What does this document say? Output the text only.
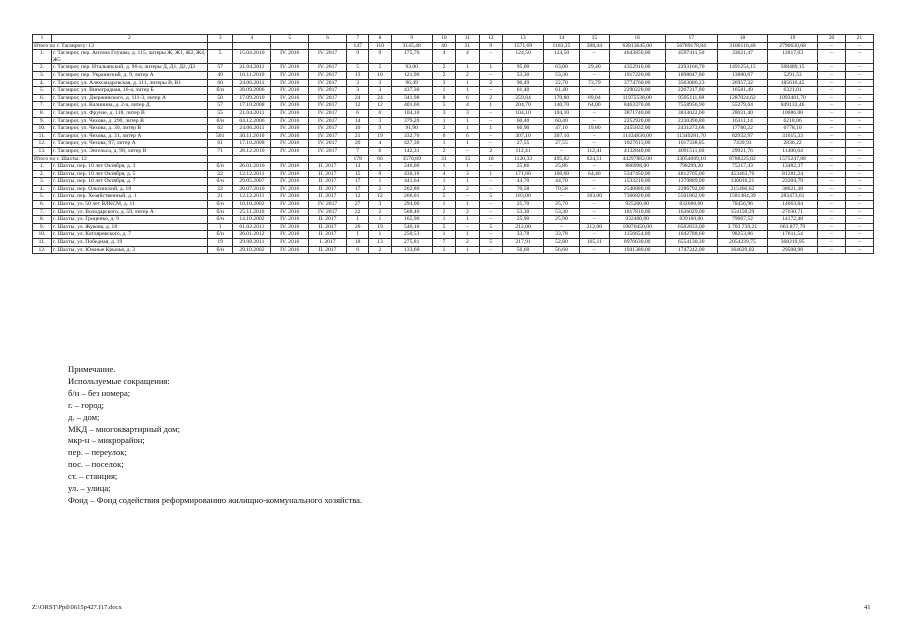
1	2	3	4	5	6	7	8	9	10	11	12	13	14	15	16	17	18	19	20	21
Итого по г. Таганрогу: 13						147	110	3145,48	40	31	9	1571,69	1183,25	388,44	62813645,00	56789178,84	3106116,48	2790630,68	–	–
1.	г. Таганрог, пер. Антона Глушко, д. 115, литеры Ж, Ж1, Ж2, Ж4, Ж5	5	15.04.2010	IV. 2016	IV. 2017	9	9	175,70	4	4	–	124,50	124,50	–	4643850,00	4597411,50	33621,47	12817,03	–	–
2.	г. Таганрог, пер. Итальянский, д. 96-а, литеры Д, Д1, Д2, Д3	57	21.04.2011	IV. 2016	IV. 2017	5	5	93,00	2	1	1	95,00	63,00	29,40	4352910,00	2293166,70	1491254,15	568489,15	–	–
3.	г. Таганрог, пер. Украинский, д. 9, литер А	49	16.11.2010	IV. 2016	IV. 2017	13	10	121,90	2	2	–	53,30	53,30	–	1917220,00	1898047,80	13880,67	5291,53	–	–
4.	г. Таганрог, ул. Александровская, д. 111, литеры В, В1	60	24.06.2011	IV. 2016	IV. 2017	3	3	96,49	3	1	2	96,49	22,70	73,79	3774760,00	3563086,23	26957,32	185616,45	–	–
5.	г. Таганрог, ул. Виноградная, 16-а, литер Б	б/н	28.09.2006	IV. 2016	IV. 2017	3	3	437,30	1	1	–	61,40	61,40	–	2290220,00	2267317,80	16581,49	6321,01	–	–
6.	г. Таганрог, ул. Дзержинского, д. 111-3, литер А	50	17.09.2010	IV. 2016	IV. 2017	24	24	341,98	8	6	2	259,84	170,80	89,04	11975538,00	9595111,68	1287024,62	1093401,70	–	–
7.	г. Таганрог, ул. Калинина, д. 2-а, литер Д	57	17.10.2008	IV. 2016	IV. 2017	12	12	401,60	5	4	1	204,70	140,70	64,00	8463370,00	7558956,90	55279,64	849133,46	–	–
8.	г. Таганрог, ул. Фрунзе, д. 118, литер В	55	21.04.2011	IV. 2016	IV. 2017	6	6	104,10	3	3	–	104,10	104,10	–	3871740,00	3833022,60	28031,40	10686,00	–	–
9.	г. Таганрог, ул. Чехова, д. 290, литер В	б/н	04.12.2006	IV. 2016	IV. 2017	14	3	379,20	1	1	–	60,40	60,40	–	2252920,00	2230390,80	16311,14	6218,06	–	–
10.	г. Таганрог, ул. Чехова, д. 30, литер В	62	24.06.2011	IV. 2016	IV. 2017	10	9	91,90	2	1	1	66,90	47,10	19,80	2455832,00	2431273,68	17780,22	6778,10	–	–
11.	г. Таганрог, ул. Чехова, д. 31, литер А	501	30.11.2010	IV. 2016	IV. 2017	21	19	332,70	6	6	–	307,10	307,10	–	11434830,00	11340281,70	82932,97	31615,33	–	–
12.	г. Таганрог, ул. Чехова, 97, литер А	61	17.10.2008	IV. 2016	IV. 2017	20	4	427,30	1	1	–	27,55	27,55	–	1027615,00	1017338,85	7439,93	2836,22	–	–
13.	г. Таганрог, ул. Энгельса, д. 98, литер В	71	28.12.2010	IV. 2016	IV. 2017	7	6	142,31	2	–	2	112,41	–	112,41	4132840,00	4091511,60	29921,76	11406,64	–	–
Итого по г. Шахты: 12						178	66	3570,89	31	15	16	1120,33	495,82	624,51	44297882,00	33054009,10	8788225,02	1575247,88	–	–
1.	г. Шахты, пер. 10 лет Октября, д. 3	б/н	26.01.2010	IV. 2016	II. 2017	14	1	246,00	1	1	–	25,86	25,86	–	886998,00	798299,20	75217,43	13482,37	–	–
2.	г. Шахты, пер. 10 лет Октября, д. 5	22	12.12.2011	IV. 2016	II. 2017	15	9	430,10	4	3	1	171,00	106,60	64,40	5347450,00	4812705,00	453463,76	81281,24	–	–
3.	г. Шахты, пер. 10 лет Октября, д. 7	б/н	29.05.2007	IV. 2016	II. 2017	17	1	441,64	1	1	–	44,70	44,70	–	1533210,00	1379889,00	130016,21	23304,79	–	–
4.	г. Шахты, пер. Ольгинский, д. 18	22	20.07.2010	IV. 2016	II. 2017	17	2	262,80	2	2	–	70,58	70,58	–	2540880,00	2286792,00	215466,62	38621,38	–	–
5.	г. Шахты, пер. Хозяйственный, д. 1	21	12.12.2011	IV. 2016	II. 2017	12	12	266,01	5	–	5	183,00	–	183,00	7366820,00	5501862,00	1581484,39	283473,61	–	–
6.	г. Шахты, ул. 50 лет ВЛКСМ, д. 11	б/н	10.10.2002	IV. 2016	IV. 2017	27	3	294,00	1	1	–	25,70	25,70	–	925200,00	832680,00	78456,96	14063,04	–	–
7.	г. Шахты, ул. Володарского, д. 59, литер А	б/н	25.11.2010	IV. 2016	IV. 2017	22	2	568,40	2	2	–	53,30	53,30	–	1817810,00	1636029,00	154150,29	27630,71	–	–
8.	г. Шахты, ул. Гриценко, д. 9	б/н	14.10.2002	IV. 2016	II. 2017	1	1	165,90	1	1	–	25,90	25,90	–	932400,00	839160,00	79067,52	14172,48	–	–
9.	г. Шахты, ул. Жукова, д. 18	1	01.02.2011	IV. 2016	II. 2017	26	19	546,10	5	–	5	212,00	–	212,00	10870450,00	6502833,00	3 703 739,21	663 877,79	–	–
10.	г. Шахты, ул. Котляревского, д. 7	б/н	26.01.2012	IV. 2016	II. 2017	1	1	250,53	1	1	–	33,78	33,78	–	1156654,00	1042788,60	98253,86	17611,54	–	–
11.	г. Шахты, ул. Победная, д. 19	19	29.08.2011	IV. 2016	I. 2017	18	13	275,81	7	2	5	217,91	52,80	165,11	8976630,00	6554130,30	2054239,75	368219,95	–	–
12.	г. Шахты, ул. Южные Крылья, д. 3	б/н	29.10.2002	IV. 2016	II. 2017	6	2	133,60	1	1	–	56,60	56,60	–	1941380,00	1747242,00	164629,02	29508,98	–	–
Примечание.
Используемые сокращения:
б/н – без номера;
г. – город;
д. – дом;
МКД – многоквартирный дом;
мкр-н – микрорайон;
пер. – переулок;
пос. – поселок;
ст. – станция;
ул. – улица;
Фонд – Фонд содействия реформированию жилищно-коммунального хозяйства.
Z:\ORST\Ppd\0615p427.f17.docx	41
